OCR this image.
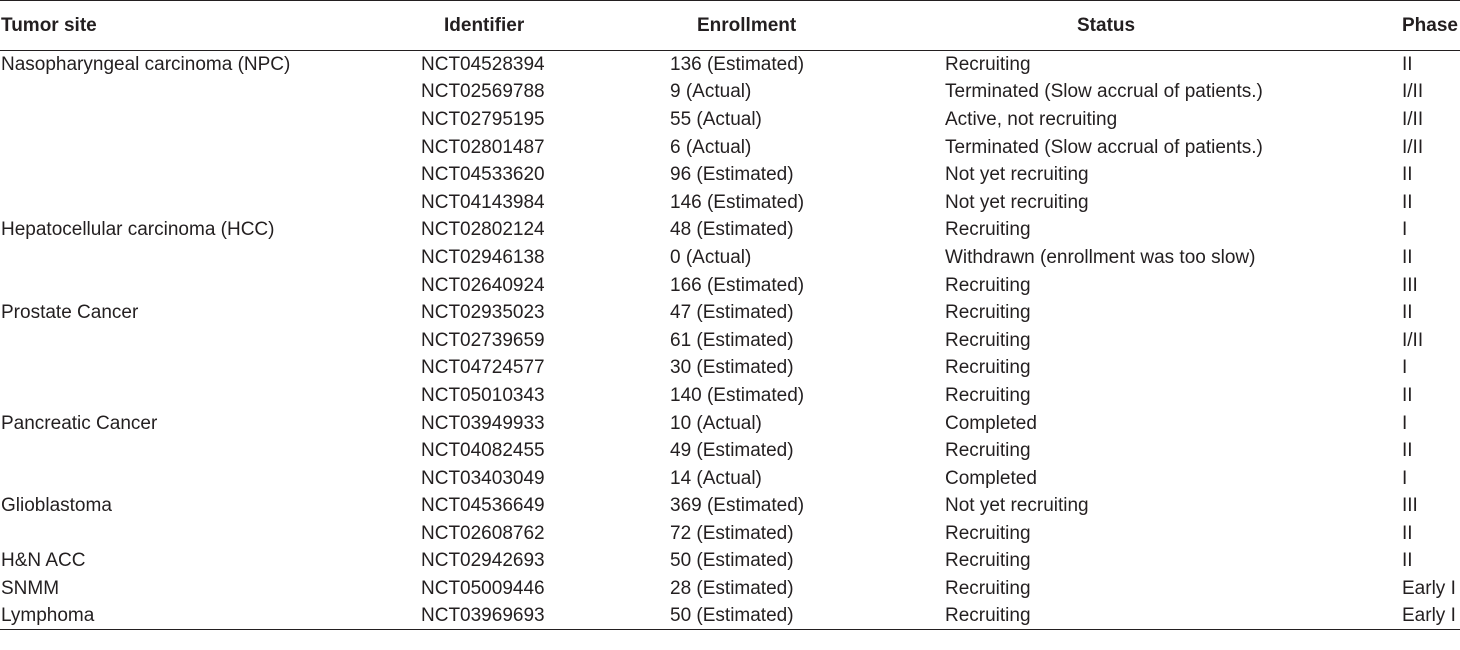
Tumor site	Identifier	Enrollment	Status	Phase
Nasopharyngeal carcinoma (NPC)	NCT04528394	136 (Estimated)	Recruiting	II
	NCT02569788	9 (Actual)	Terminated (Slow accrual of patients.)	I/II
	NCT02795195	55 (Actual)	Active, not recruiting	I/II
	NCT02801487	6 (Actual)	Terminated (Slow accrual of patients.)	I/II
	NCT04533620	96 (Estimated)	Not yet recruiting	II
	NCT04143984	146 (Estimated)	Not yet recruiting	II
Hepatocellular carcinoma (HCC)	NCT02802124	48 (Estimated)	Recruiting	I
	NCT02946138	0 (Actual)	Withdrawn (enrollment was too slow)	II
	NCT02640924	166 (Estimated)	Recruiting	III
Prostate Cancer	NCT02935023	47 (Estimated)	Recruiting	II
	NCT02739659	61 (Estimated)	Recruiting	I/II
	NCT04724577	30 (Estimated)	Recruiting	I
	NCT05010343	140 (Estimated)	Recruiting	II
Pancreatic Cancer	NCT03949933	10 (Actual)	Completed	I
	NCT04082455	49 (Estimated)	Recruiting	II
	NCT03403049	14 (Actual)	Completed	I
Glioblastoma	NCT04536649	369 (Estimated)	Not yet recruiting	III
	NCT02608762	72 (Estimated)	Recruiting	II
H&N ACC	NCT02942693	50 (Estimated)	Recruiting	II
SNMM	NCT05009446	28 (Estimated)	Recruiting	Early I
Lymphoma	NCT03969693	50 (Estimated)	Recruiting	Early I
